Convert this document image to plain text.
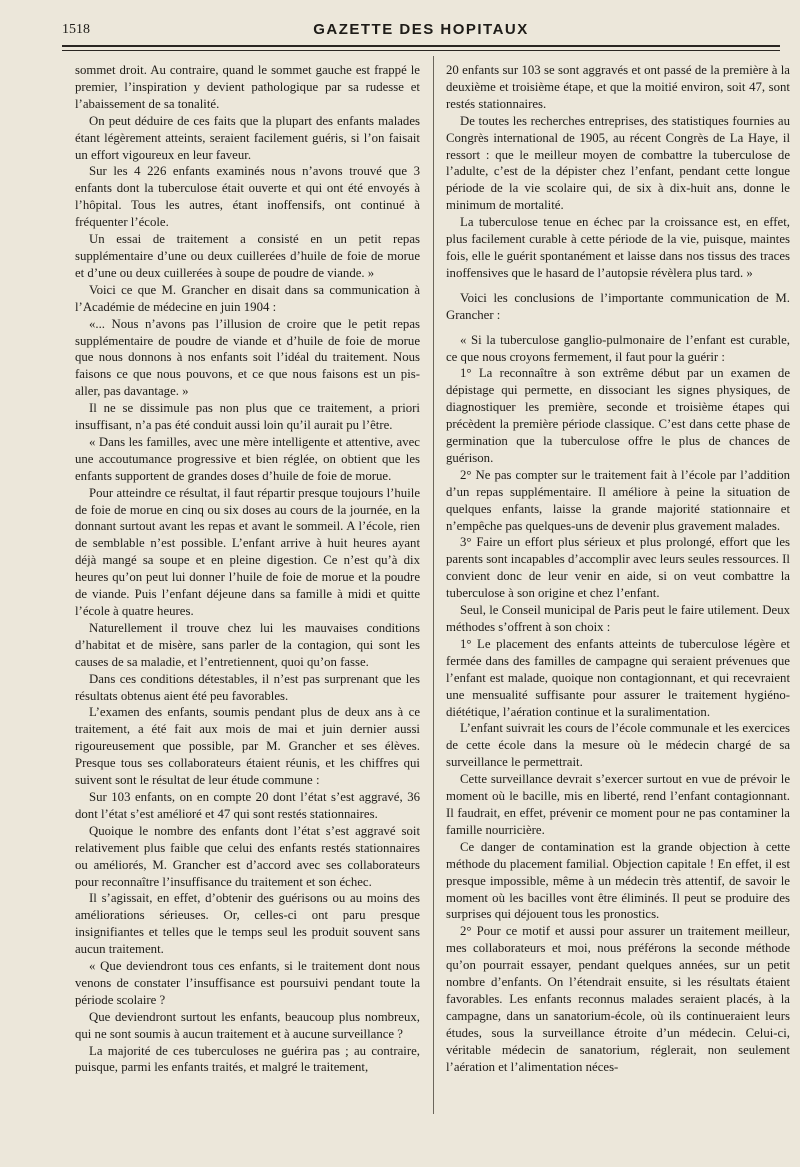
1518	GAZETTE DES HOPITAUX

sommet droit. Au contraire, quand le sommet gauche est frappé le premier, l’inspiration y devient pathologique par sa rudesse et l’abaissement de sa tonalité.

On peut déduire de ces faits que la plupart des enfants malades étant légèrement atteints, seraient facilement guéris, si l’on faisait un effort vigoureux en leur faveur.

Sur les 4 226 enfants examinés nous n’avons trouvé que 3 enfants dont la tuberculose était ouverte et qui ont été envoyés à l’hôpital. Tous les autres, étant inoffensifs, ont continué à fréquenter l’école.

Un essai de traitement a consisté en un petit repas supplémentaire d’une ou deux cuillerées d’huile de foie de morue et d’une ou deux cuillerées à soupe de poudre de viande. »

Voici ce que M. Grancher en disait dans sa communication à l’Académie de médecine en juin 1904 :

«... Nous n’avons pas l’illusion de croire que le petit repas supplémentaire de poudre de viande et d’huile de foie de morue que nous donnons à nos enfants soit l’idéal du traitement. Nous faisons ce que nous pouvons, et ce que nous faisons est un pis-aller, pas davantage. »

Il ne se dissimule pas non plus que ce traitement, a priori insuffisant, n’a pas été conduit aussi loin qu’il aurait pu l’être.

« Dans les familles, avec une mère intelligente et attentive, avec une accoutumance progressive et bien réglée, on obtient que les enfants supportent de grandes doses d’huile de foie de morue.

Pour atteindre ce résultat, il faut répartir presque toujours l’huile de foie de morue en cinq ou six doses au cours de la journée, en la donnant surtout avant les repas et avant le sommeil. A l’école, rien de semblable n’est possible. L’enfant arrive à huit heures ayant déjà mangé sa soupe et en pleine digestion. Ce n’est qu’à dix heures qu’on peut lui donner l’huile de foie de morue et la poudre de viande. Puis l’enfant déjeune dans sa famille à midi et quitte l’école à quatre heures.

Naturellement il trouve chez lui les mauvaises conditions d’habitat et de misère, sans parler de la contagion, qui sont les causes de sa maladie, et l’entretiennent, quoi qu’on fasse.

Dans ces conditions détestables, il n’est pas surprenant que les résultats obtenus aient été peu favorables.

L’examen des enfants, soumis pendant plus de deux ans à ce traitement, a été fait aux mois de mai et juin dernier aussi rigoureusement que possible, par M. Grancher et ses élèves. Presque tous ses collaborateurs étaient réunis, et les chiffres qui suivent sont le résultat de leur étude commune :

Sur 103 enfants, on en compte 20 dont l’état s’est aggravé, 36 dont l’état s’est amélioré et 47 qui sont restés stationnaires.

Quoique le nombre des enfants dont l’état s’est aggravé soit relativement plus faible que celui des enfants restés stationnaires ou améliorés, M. Grancher est d’accord avec ses collaborateurs pour reconnaître l’insuffisance du traitement et son échec.

Il s’agissait, en effet, d’obtenir des guérisons ou au moins des améliorations sérieuses. Or, celles-ci ont paru presque insignifiantes et telles que le temps seul les produit souvent sans aucun traitement.

« Que deviendront tous ces enfants, si le traitement dont nous venons de constater l’insuffisance est poursuivi pendant toute la période scolaire ?

Que deviendront surtout les enfants, beaucoup plus nombreux, qui ne sont soumis à aucun traitement et à aucune surveillance ?

La majorité de ces tuberculoses ne guérira pas ; au contraire, puisque, parmi les enfants traités, et malgré le traitement,

20 enfants sur 103 se sont aggravés et ont passé de la première à la deuxième et troisième étape, et que la moitié environ, soit 47, sont restés stationnaires.

De toutes les recherches entreprises, des statistiques fournies au Congrès international de 1905, au récent Congrès de La Haye, il ressort : que le meilleur moyen de combattre la tuberculose de l’adulte, c’est de la dépister chez l’enfant, pendant cette longue période de la vie scolaire qui, de six à dix-huit ans, donne le minimum de mortalité.

La tuberculose tenue en échec par la croissance est, en effet, plus facilement curable à cette période de la vie, puisque, maintes fois, elle le guérit spontanément et laisse dans nos tissus des traces inoffensives que le hasard de l’autopsie révèlera plus tard. »

Voici les conclusions de l’importante communication de M. Grancher :

« Si la tuberculose ganglio-pulmonaire de l’enfant est curable, ce que nous croyons fermement, il faut pour la guérir :

1° La reconnaître à son extrême début par un examen de dépistage qui permette, en dissociant les signes physiques, de diagnostiquer les première, seconde et troisième étapes qui précèdent la première période classique. C’est dans cette phase de germination que la tuberculose offre le plus de chances de guérison.

2° Ne pas compter sur le traitement fait à l’école par l’addition d’un repas supplémentaire. Il améliore à peine la situation de quelques enfants, laisse la grande majorité stationnaire et n’empêche pas quelques-uns de devenir plus gravement malades.

3° Faire un effort plus sérieux et plus prolongé, effort que les parents sont incapables d’accomplir avec leurs seules ressources. Il convient donc de leur venir en aide, si on veut combattre la tuberculose à son origine et chez l’enfant.

Seul, le Conseil municipal de Paris peut le faire utilement. Deux méthodes s’offrent à son choix :

1° Le placement des enfants atteints de tuberculose légère et fermée dans des familles de campagne qui seraient prévenues que l’enfant est malade, quoique non contagionnant, et qui recevraient une mensualité suffisante pour assurer le traitement hygiéno-diététique, l’aération continue et la suralimentation.

L’enfant suivrait les cours de l’école communale et les exercices de cette école dans la mesure où le médecin chargé de sa surveillance le permettrait.

Cette surveillance devrait s’exercer surtout en vue de prévoir le moment où le bacille, mis en liberté, rend l’enfant contagionnant. Il faudrait, en effet, prévenir ce moment pour ne pas contaminer la famille nourricière.

Ce danger de contamination est la grande objection à cette méthode du placement familial. Objection capitale ! En effet, il est presque impossible, même à un médecin très attentif, de savoir le moment où les bacilles vont être éliminés. Il peut se produire des surprises qui déjouent tous les pronostics.

2° Pour ce motif et aussi pour assurer un traitement meilleur, mes collaborateurs et moi, nous préférons la seconde méthode qu’on pourrait essayer, pendant quelques années, sur un petit nombre d’enfants. On l’étendrait ensuite, si les résultats étaient favorables. Les enfants reconnus malades seraient placés, à la campagne, dans un sanatorium-école, où ils continueraient leurs études, sous la surveillance étroite d’un médecin. Celui-ci, véritable médecin de sanatorium, réglerait, non seulement l’aération et l’alimentation néces-
